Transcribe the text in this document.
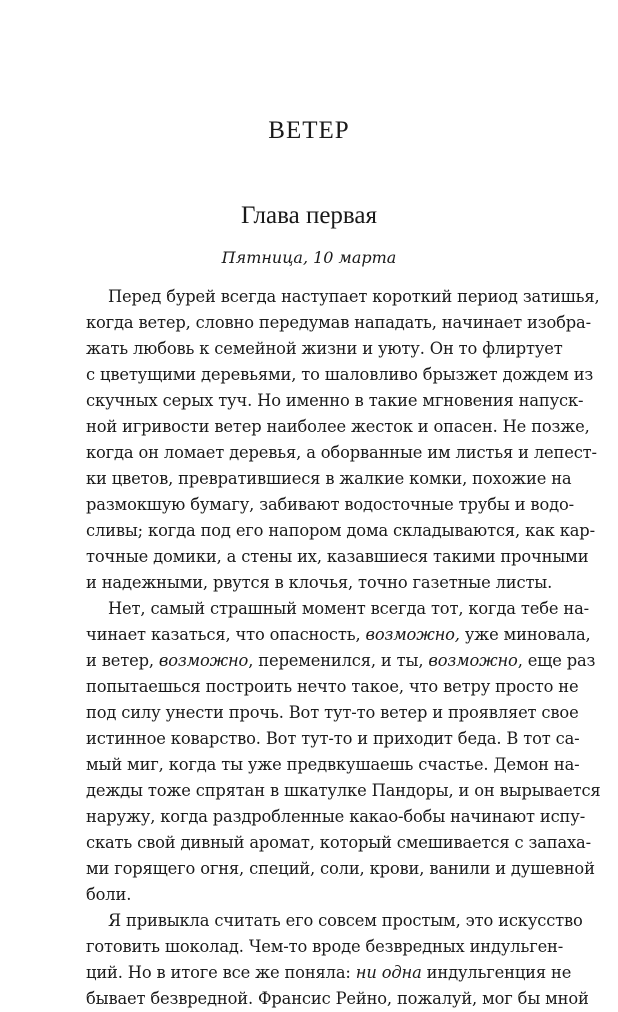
ВЕТЕР
Глава первая
Пятница, 10 марта
Перед бурей всегда наступает короткий период затишья,
когда ветер, словно передумав нападать, начинает изобра-
жать любовь к семейной жизни и уюту. Он то флиртует
с цветущими деревьями, то шаловливо брызжет дождем из
скучных серых туч. Но именно в такие мгновения напуск-
ной игривости ветер наиболее жесток и опасен. Не позже,
когда он ломает деревья, а оборванные им листья и лепест-
ки цветов, превратившиеся в жалкие комки, похожие на
размокшую бумагу, забивают водосточные трубы и водо-
сливы; когда под его напором дома складываются, как кар-
точные домики, а стены их, казавшиеся такими прочными
и надежными, рвутся в клочья, точно газетные листы.
Нет, самый страшный момент всегда тот, когда тебе на-
чинает казаться, что опасность, возможно, уже миновала,
и ветер, возможно, переменился, и ты, возможно, еще раз
попытаешься построить нечто такое, что ветру просто не
под силу унести прочь. Вот тут-то ветер и проявляет свое
истинное коварство. Вот тут-то и приходит беда. В тот са-
мый миг, когда ты уже предвкушаешь счастье. Демон на-
дежды тоже спрятан в шкатулке Пандоры, и он вырывается
наружу, когда раздробленные какао-бобы начинают испу-
скать свой дивный аромат, который смешивается с запаха-
ми горящего огня, специй, соли, крови, ванили и душевной
боли.
Я привыкла считать его совсем простым, это искусство
готовить шоколад. Чем-то вроде безвредных индульген-
ций. Но в итоге все же поняла: ни одна индульгенция не
бывает безвредной. Франсис Рейно, пожалуй, мог бы мной
